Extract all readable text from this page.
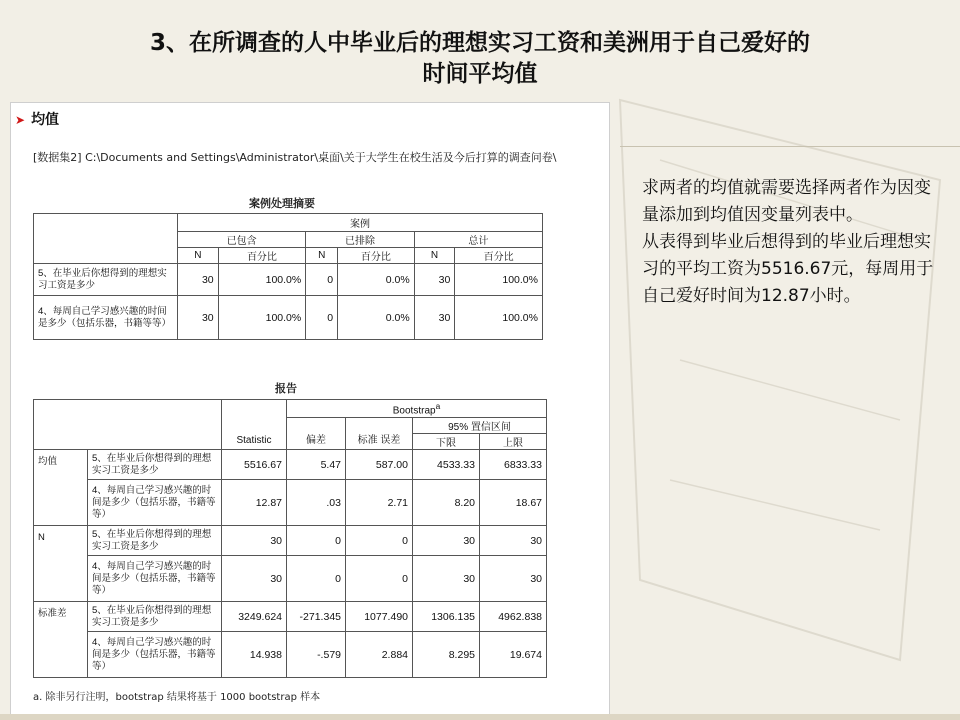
3、在所调查的人中毕业后的理想实习工资和美洲用于自己爱好的
时间平均值

求两者的均值就需要选择两者作为因变量添加到均值因变量列表中。

从表得到毕业后想得到的毕业后理想实习的平均工资为5516.67元，每周用于自己爱好时间为12.87小时。

➤ 均值
[数据集2] C:\Documents and Settings\Administrator\桌面\关于大学生在校生活及今后打算的调查问卷\
案例处理摘要
	案例					
	已包含		已排除		总计	
	N	百分比	N	百分比	N	百分比
5、在毕业后你想得到的理想实习工资是多少	30	100.0%	0	0.0%	30	100.0%
4、每周自己学习感兴趣的时间是多少（包括乐器，书籍等等）	30	100.0%	0	0.0%	30	100.0%
报告
		Statistic	Bootstrap$^a$
			偏差	标准 误差	95% 置信区间	
					下限	上限
均值	5、在毕业后你想得到的理想实习工资是多少	5516.67	5.47	587.00	4533.33	6833.33
	4、每周自己学习感兴趣的时间是多少（包括乐器，书籍等等）	12.87	.03	2.71	8.20	18.67
N	5、在毕业后你想得到的理想实习工资是多少	30	0	0	30	30
	4、每周自己学习感兴趣的时间是多少（包括乐器，书籍等等）	30	0	0	30	30
标准差	5、在毕业后你想得到的理想实习工资是多少	3249.624	-271.345	1077.490	1306.135	4962.838
	4、每周自己学习感兴趣的时间是多少（包括乐器，书籍等等）	14.938	-.579	2.884	8.295	19.674
a. 除非另行注明，bootstrap 结果将基于 1000 bootstrap 样本
